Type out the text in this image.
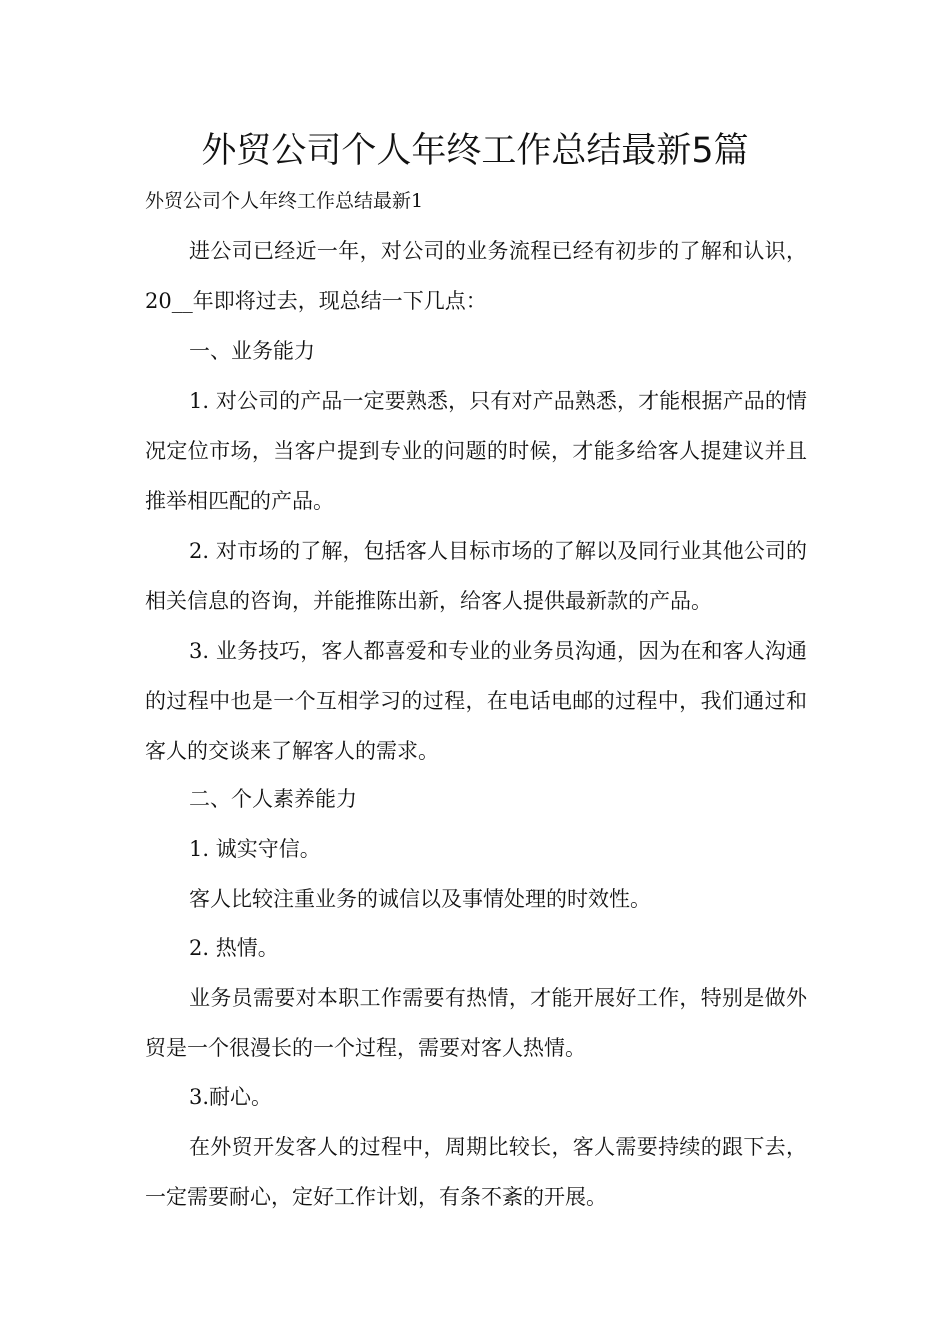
外贸公司个人年终工作总结最新5篇
外贸公司个人年终工作总结最新1

进公司已经近一年，对公司的业务流程已经有初步的了解和认识，20__年即将过去，现总结一下几点：

一、业务能力

1. 对公司的产品一定要熟悉，只有对产品熟悉，才能根据产品的情况定位市场，当客户提到专业的问题的时候，才能多给客人提建议并且推举相匹配的产品。

2. 对市场的了解，包括客人目标市场的了解以及同行业其他公司的相关信息的咨询，并能推陈出新，给客人提供最新款的产品。

3. 业务技巧，客人都喜爱和专业的业务员沟通，因为在和客人沟通的过程中也是一个互相学习的过程，在电话电邮的过程中，我们通过和客人的交谈来了解客人的需求。

二、个人素养能力

1. 诚实守信。

客人比较注重业务的诚信以及事情处理的时效性。

2. 热情。

业务员需要对本职工作需要有热情，才能开展好工作，特别是做外贸是一个很漫长的一个过程，需要对客人热情。

3.耐心。

在外贸开发客人的过程中，周期比较长，客人需要持续的跟下去，一定需要耐心，定好工作计划，有条不紊的开展。
